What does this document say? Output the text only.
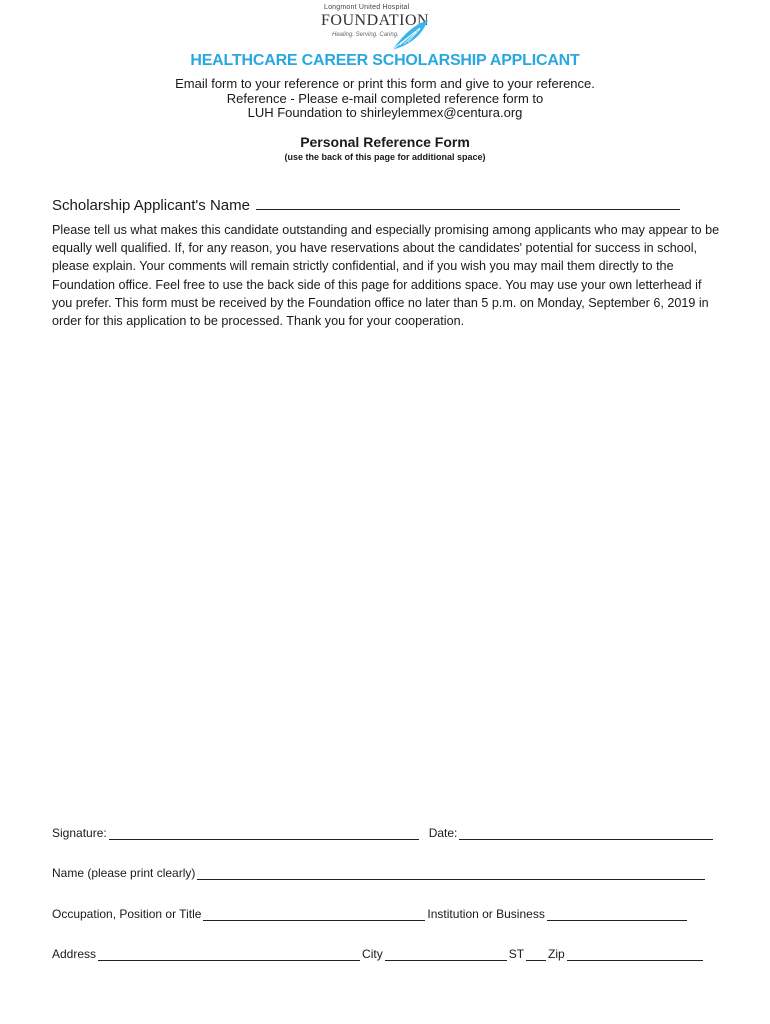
Longmont United Hospital
FOUNDATION
Healing. Serving. Caring.
HEALTHCARE CAREER SCHOLARSHIP APPLICANT
Email form to your reference or print this form and give to your reference.
Reference - Please e-mail completed reference form to
LUH Foundation to shirleylemmex@centura.org
Personal Reference Form
(use the back of this page for additional space)
Scholarship Applicant's Name
Please tell us what makes this candidate outstanding and especially promising among applicants who may appear to be equally well qualified. If, for any reason, you have reservations about the candidates' potential for success in school, please explain. Your comments will remain strictly confidential, and if you wish you may mail them directly to the Foundation office. Feel free to use the back side of this page for additions space. You may use your own letterhead if you prefer. This form must be received by the Foundation office no later than 5 p.m. on Monday, September 6, 2019 in order for this application to be processed. Thank you for your cooperation.
Signature:	Date:
Name (please print clearly)
Occupation, Position or Title	Institution or Business
Address	City	ST Zip
